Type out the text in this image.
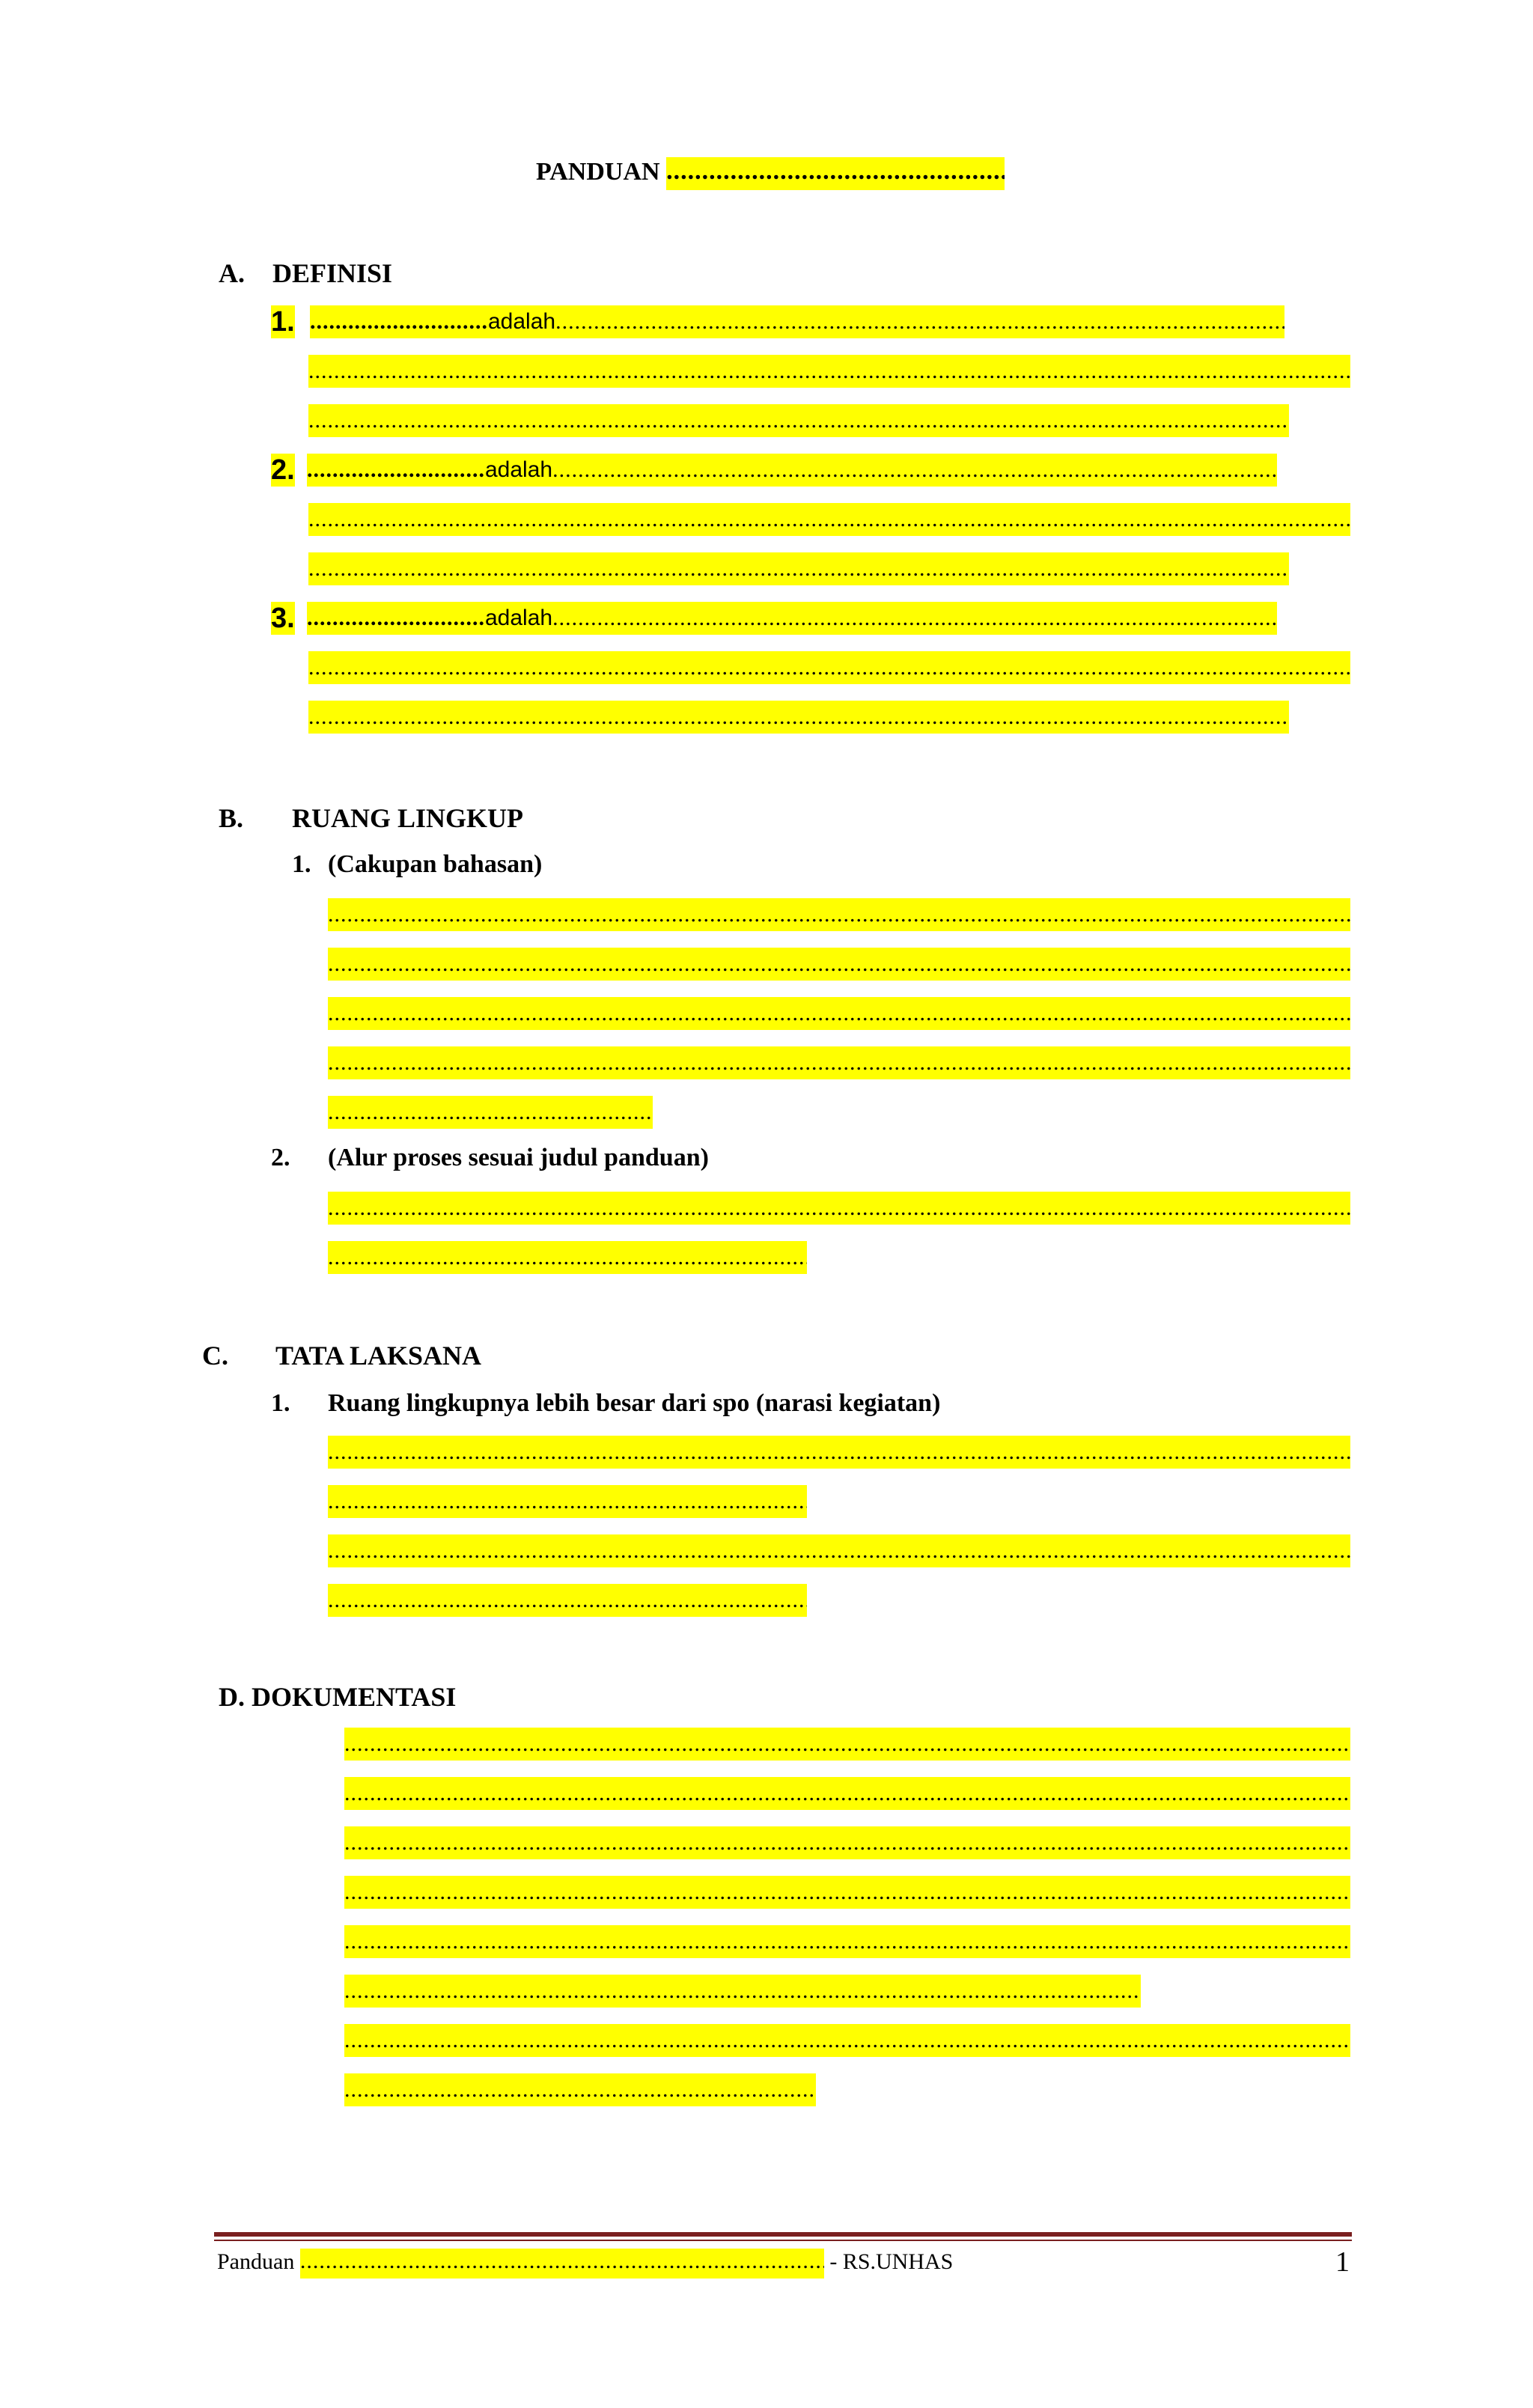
PANDUAN .....
A. DEFINISI
1. ............................adalah .....
.....
.....
2. ............................adalah .....
.....
.....
3. ............................adalah .....
.....
.....
B. RUANG LINGKUP
1. (Cakupan bahasan)
.....
.....
.....
.....
.....
2. (Alur proses sesuai judul panduan)
.....
.....
C. TATA LAKSANA
1. Ruang lingkupnya lebih besar dari spo (narasi kegiatan)
.....
.....
.....
.....
D. DOKUMENTASI
.....
.....
.....
.....
.....
.....
.....
.....
Panduan .....	- RS.UNHAS	1
